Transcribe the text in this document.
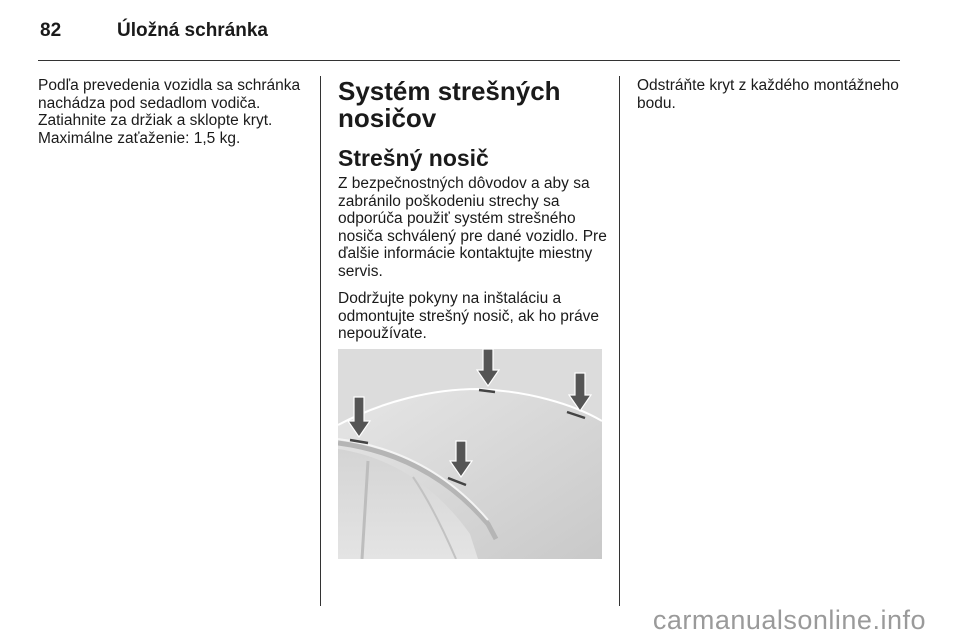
82	Úložná schránka

Podľa prevedenia vozidla sa schránka nachádza pod sedadlom vodiča. Zatiahnite za držiak a sklopte kryt. Maximálne zaťaženie: 1,5 kg.

Systém strešných nosičov
Strešný nosič

Z bezpečnostných dôvodov a aby sa zabránilo poškodeniu strechy sa odporúča použiť systém strešného nosiča schválený pre dané vozidlo. Pre ďalšie informácie kontaktujte miestny servis.

Dodržujte pokyny na inštaláciu a odmontujte strešný nosič, ak ho práve nepoužívate.

Odstráňte kryt z každého montážneho bodu.

carmanualsonline.info
